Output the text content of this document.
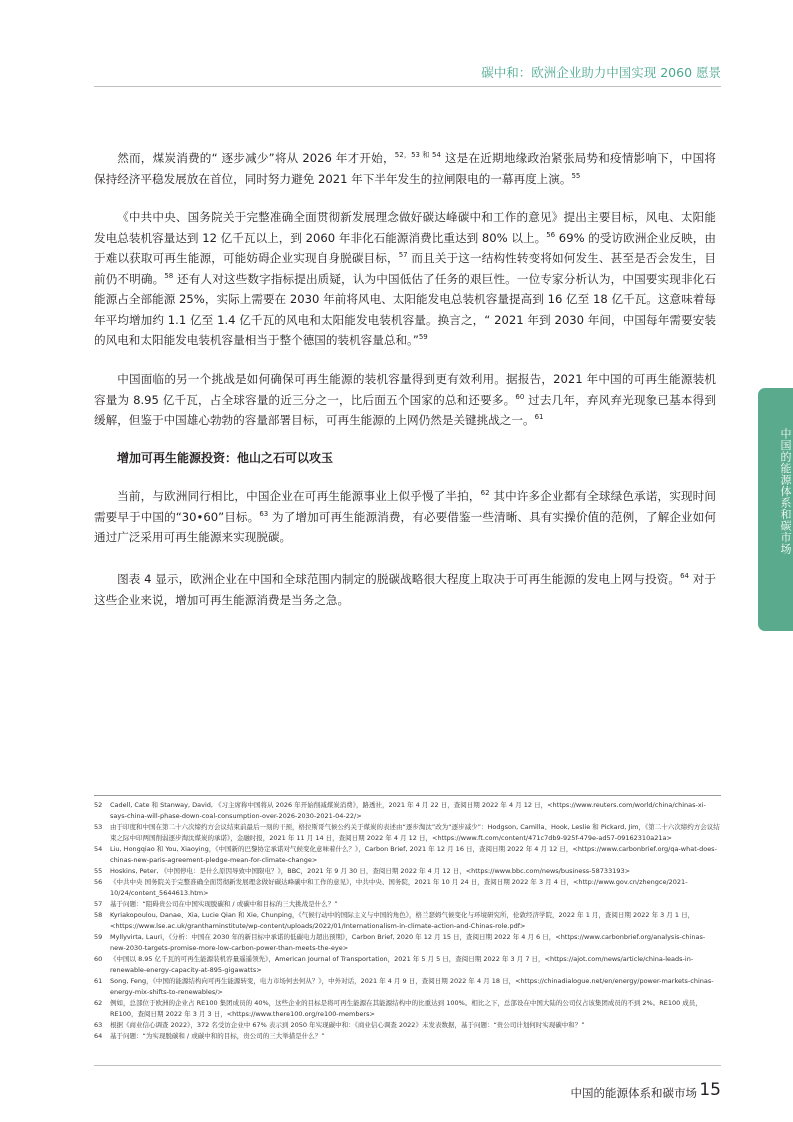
碳中和：欧洲企业助力中国实现 2060 愿景
中国的能源体系和碳市场

然而，煤炭消费的“ 逐步减少”将从 2026 年才开始，$^{52,53 和 54}$ 这是在近期地缘政治紧张局势和疫情影响下，中国将保持经济平稳发展放在首位，同时努力避免 2021 年下半年发生的拉闸限电的一幕再度上演。$^{55}$

《中共中央、国务院关于完整准确全面贯彻新发展理念做好碳达峰碳中和工作的意见》提出主要目标，风电、太阳能发电总装机容量达到 12 亿千瓦以上，到 2060 年非化石能源消费比重达到 80% 以上。$^{56}$ 69% 的受访欧洲企业反映，由于难以获取可再生能源，可能妨碍企业实现自身脱碳目标，$^{57}$ 而且关于这一结构性转变将如何发生、甚至是否会发生，目前仍不明确。$^{58}$ 还有人对这些数字指标提出质疑，认为中国低估了任务的艰巨性。一位专家分析认为，中国要实现非化石能源占全部能源 25%，实际上需要在 2030 年前将风电、太阳能发电总装机容量提高到 16 亿至 18 亿千瓦。这意味着每年平均增加约 1.1 亿至 1.4 亿千瓦的风电和太阳能发电装机容量。换言之，“ 2021 年到 2030 年间，中国每年需要安装的风电和太阳能发电装机容量相当于整个德国的装机容量总和。”$^{59}$

中国面临的另一个挑战是如何确保可再生能源的装机容量得到更有效利用。据报告，2021 年中国的可再生能源装机容量为 8.95 亿千瓦，占全球容量的近三分之一，比后面五个国家的总和还要多。$^{60}$ 过去几年，弃风弃光现象已基本得到缓解，但鉴于中国雄心勃勃的容量部署目标，可再生能源的上网仍然是关键挑战之一。$^{61}$

增加可再生能源投资：他山之石可以攻玉

当前，与欧洲同行相比，中国企业在可再生能源事业上似乎慢了半拍，$^{62}$ 其中许多企业都有全球绿色承诺，实现时间需要早于中国的“30•60”目标。$^{63}$ 为了增加可再生能源消费，有必要借鉴一些清晰、具有实操价值的范例，了解企业如何通过广泛采用可再生能源来实现脱碳。

图表 4 显示，欧洲企业在中国和全球范围内制定的脱碳战略很大程度上取决于可再生能源的发电上网与投资。$^{64}$ 对于这些企业来说，增加可再生能源消费是当务之急。

52 Cadell, Cate 和 Stanway, David, 《习主席称中国将从 2026 年开始削减煤炭消费》，路透社，2021 年 4 月 22 日，查阅日期 2022 年 4 月 12 日，<https://www.reuters.com/world/china/chinas-xi-says-china-will-phase-down-coal-consumption-over-2026-2030-2021-04-22/>

53 由于印度和中国在第二十六次缔约方会议结束前最后一刻的干预，格拉斯哥气候公约关于煤炭的表述由“逐步淘汰”改为“逐步减少”：Hodgson, Camilla、Hook, Leslie 和 Pickard, Jim，《第二十六次缔约方会议结束之际中印两国削弱逐步淘汰煤炭的承诺》，金融时报，2021 年 11 月 14 日，查阅日期 2022 年 4 月 12 日，<https://www.ft.com/content/471c7db9-925f-479e-ad57-09162310a21a>

54 Liu, Hongqiao 和 You, Xiaoying，《中国新的巴黎协定承诺对气候变化意味着什么？》，Carbon Brief, 2021 年 12 月 16 日，查阅日期 2022 年 4 月 12 日，<https://www.carbonbrief.org/qa-what-does-chinas-new-paris-agreement-pledge-mean-for-climate-change>

55 Hoskins, Peter, 《中国停电：是什么原因导致中国限电？》，BBC，2021 年 9 月 30 日，查阅日期 2022 年 4 月 12 日，<https://www.bbc.com/news/business-58733193>

56 《中共中央 国务院关于完整准确全面贯彻新发展理念做好碳达峰碳中和工作的意见》，中共中央、国务院，2021 年 10 月 24 日，查阅日期 2022 年 3 月 4 日，<http://www.gov.cn/zhengce/2021-10/24/content_5644613.htm>

57 基于问题：“阻碍贵公司在中国实现脱碳和 / 或碳中和目标的三大挑战是什么？”

58 Kyriakopoulou, Danae、Xia, Lucie Qian 和 Xie, Chunping，《气候行动中的国际主义与中国的角色》，格兰瑟姆气候变化与环境研究所，伦敦经济学院，2022 年 1 月，查阅日期 2022 年 3 月 1 日，<https://www.lse.ac.uk/granthaminstitute/wp-content/uploads/2022/01/Internationalism-in-climate-action-and-Chinas-role.pdf>

59 Myllyvirta, Lauri，《分析：中国在 2030 年的新目标中承诺的低碳电力超出预期》，Carbon Brief, 2020 年 12 月 15 日，查阅日期 2022 年 4 月 6 日，<https://www.carbonbrief.org/analysis-chinas-new-2030-targets-promise-more-low-carbon-power-than-meets-the-eye>

60 《中国以 8.95 亿千瓦的可再生能源装机容量遥遥领先》，American Journal of Transportation，2021 年 5 月 5 日，查阅日期 2022 年 3 月 7 日，<https://ajot.com/news/article/china-leads-in-renewable-energy-capacity-at-895-gigawatts>

61 Song, Feng，《中国的能源结构向可再生能源转变，电力市场何去何从？》，中外对话，2021 年 4 月 9 日，查阅日期 2022 年 4 月 18 日，<https://chinadialogue.net/en/energy/power-markets-chinas-energy-mix-shifts-to-renewables/>

62 例如，总部位于欧洲的企业占 RE100 集团成员的 40%，这些企业的目标是将可再生能源在其能源结构中的比重达到 100%。相比之下，总部设在中国大陆的公司仅占该集团成员的不到 2%。RE100 成员，RE100，查阅日期 2022 年 3 月 3 日，<https://www.there100.org/re100-members>

63 根据《商业信心调查 2022》，372 名受访企业中 67% 表示到 2050 年实现碳中和：《商业信心调查 2022》未发表数据，基于问题：“贵公司计划何时实现碳中和？”

64 基于问题：“为实现脱碳和 / 或碳中和的目标，贵公司的三大举措是什么？”

中国的能源体系和碳市场 15
